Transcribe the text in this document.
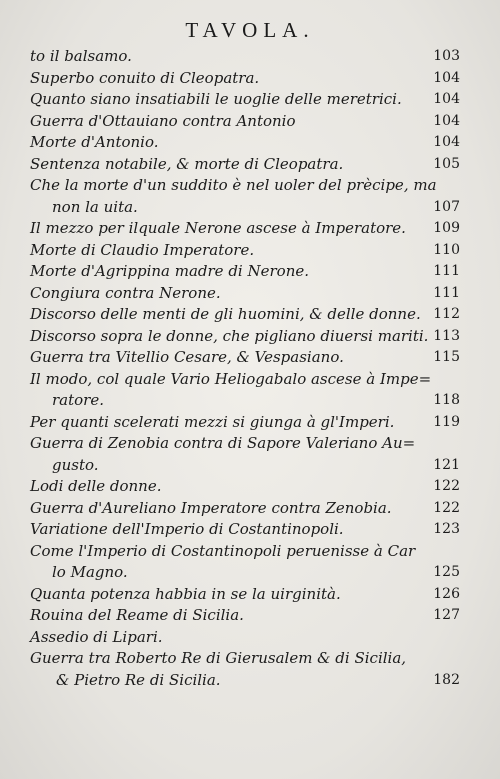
TAVOLA.
to il balsamo.	103
Superbo conuito di Cleopatra.	104
Quanto siano insatiabili le uoglie delle meretrici. 104
Guerra d'Ottauiano contra Antonio	104
Morte d'Antonio.	104
Sentenza notabile, & morte di Cleopatra.	105
Che la morte d'un suddito è nel uoler del prècipe, ma
non la uita.	107
Il mezzo per ilquale Nerone ascese à Imperatore. 109
Morte di Claudio Imperatore.	110
Morte d'Agrippina madre di Nerone.	111
Congiura contra Nerone.	111
Discorso delle menti de gli huomini, & delle donne. 112
Discorso sopra le donne, che pigliano diuersi mariti. 113
Guerra tra Vitellio Cesare, & Vespasiano.	115
Il modo, col quale Vario Heliogabalo ascese à Impe=
ratore.	118
Per quanti scelerati mezzi si giunga à gl'Imperi.	119
Guerra di Zenobia contra di Sapore Valeriano Au=
gusto.	121
Lodi delle donne.	122
Guerra d'Aureliano Imperatore contra Zenobia.	122
Variatione dell'Imperio di Costantinopoli.	123
Come l'Imperio di Costantinopoli peruenisse à Car
lo Magno.	125
Quanta potenza habbia in se la uirginità.	126
Rouina del Reame di Sicilia.	127
Assedio di Lipari.
Guerra tra Roberto Re di Gierusalem & di Sicilia,
& Pietro Re di Sicilia.	182
